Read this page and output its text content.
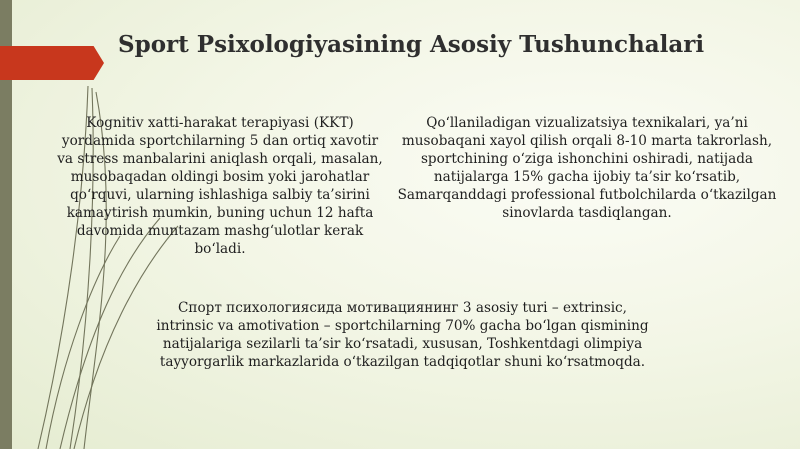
Sport Psixologiyasining Asosiy Tushunchalari

Kognitiv xatti-harakat terapiyasi (KKT) yordamida sportchilarning 5 dan ortiq xavotir va stress manbalarini aniqlash orqali, masalan, musobaqadan oldingi bosim yoki jarohatlar qo‘rquvi, ularning ishlashiga salbiy ta’sirini kamaytirish mumkin, buning uchun 12 hafta davomida muntazam mashg‘ulotlar kerak bo‘ladi.

Qo‘llaniladigan vizualizatsiya texnikalari, ya’ni musobaqani xayol qilish orqali 8-10 marta takrorlash, sportchining o‘ziga ishonchini oshiradi, natijada natijalarga 15% gacha ijobiy ta’sir ko‘rsatib, Samarqanddagi professional futbolchilarda o‘tkazilgan sinovlarda tasdiqlangan.

Спорт психологиясида мотивациянинг 3 asosiy turi – extrinsic, intrinsic va amotivation – sportchilarning 70% gacha bo‘lgan qismining natijalariga sezilarli ta’sir ko‘rsatadi, xususan, Toshkentdagi olimpiya tayyorgarlik markazlarida o‘tkazilgan tadqiqotlar shuni ko‘rsatmoqda.
